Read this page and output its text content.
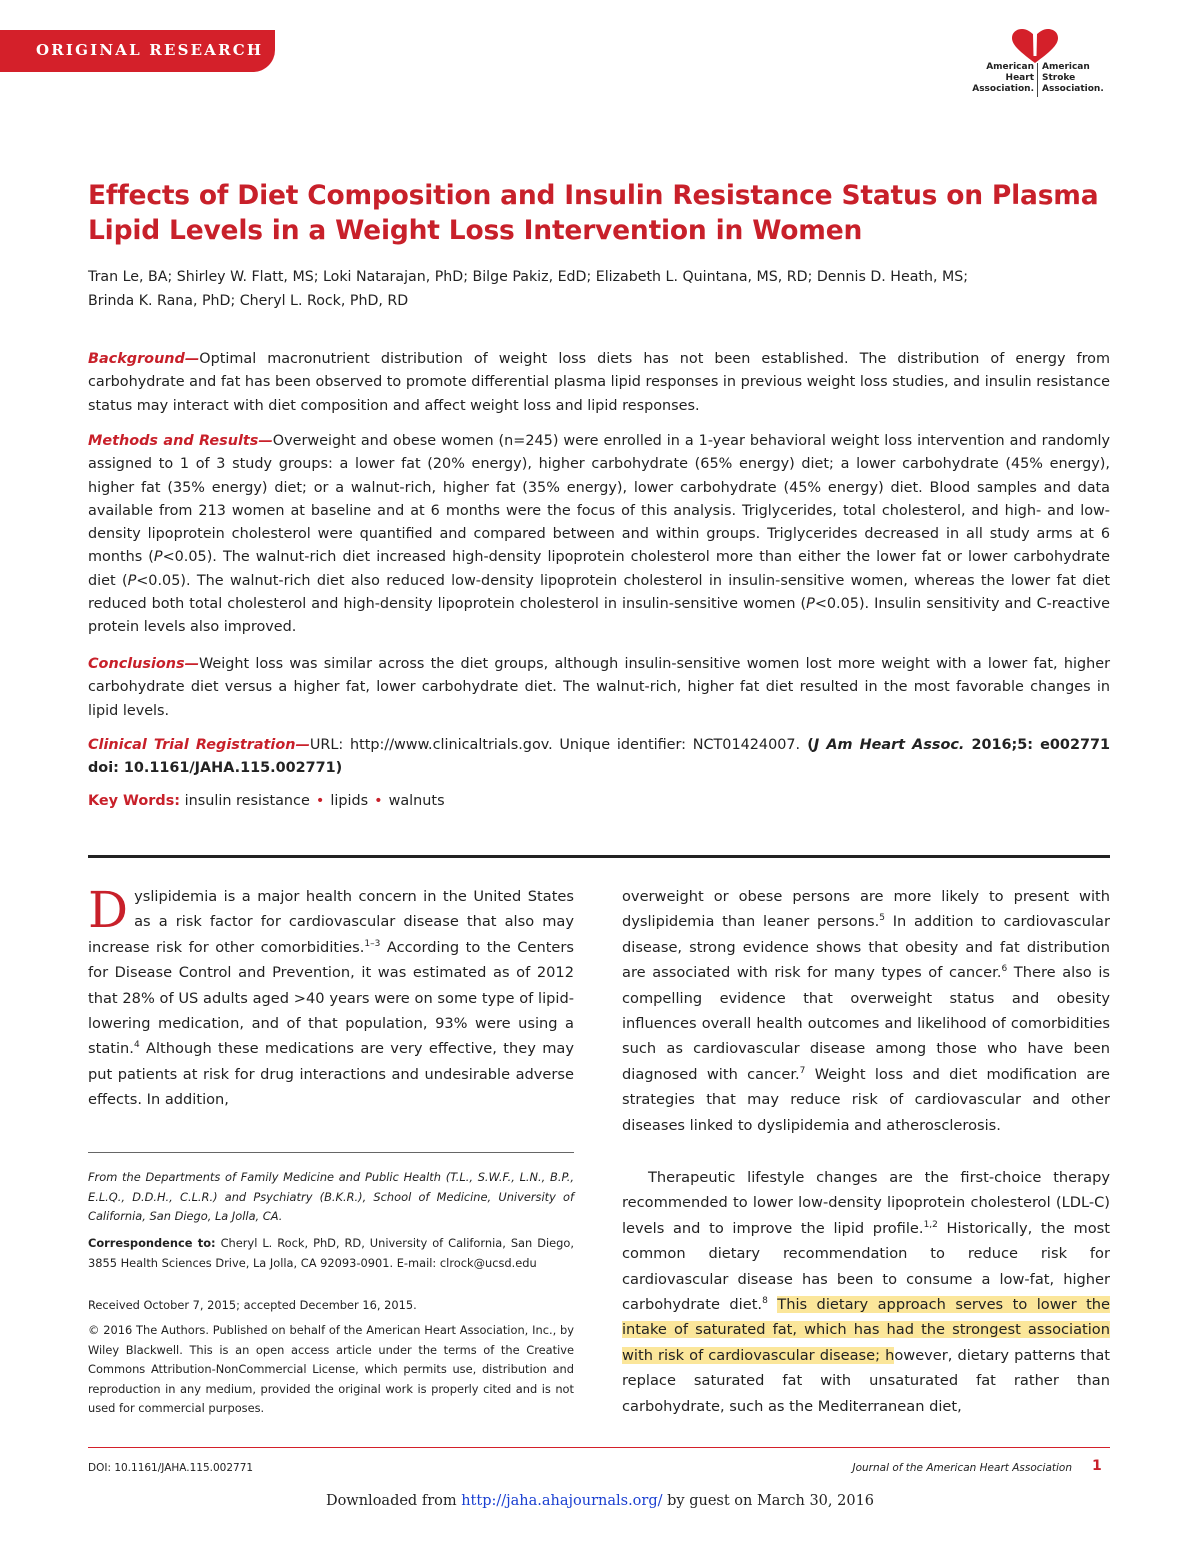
ORIGINAL RESEARCH
American
Heart
Association.
American
Stroke
Association.
Effects of Diet Composition and Insulin Resistance Status on Plasma Lipid Levels in a Weight Loss Intervention in Women
Tran Le, BA; Shirley W. Flatt, MS; Loki Natarajan, PhD; Bilge Pakiz, EdD; Elizabeth L. Quintana, MS, RD; Dennis D. Heath, MS;
Brinda K. Rana, PhD; Cheryl L. Rock, PhD, RD

Background—Optimal macronutrient distribution of weight loss diets has not been established. The distribution of energy from carbohydrate and fat has been observed to promote differential plasma lipid responses in previous weight loss studies, and insulin resistance status may interact with diet composition and affect weight loss and lipid responses.

Methods and Results—Overweight and obese women (n=245) were enrolled in a 1-year behavioral weight loss intervention and randomly assigned to 1 of 3 study groups: a lower fat (20% energy), higher carbohydrate (65% energy) diet; a lower carbohydrate (45% energy), higher fat (35% energy) diet; or a walnut-rich, higher fat (35% energy), lower carbohydrate (45% energy) diet. Blood samples and data available from 213 women at baseline and at 6 months were the focus of this analysis. Triglycerides, total cholesterol, and high- and low-density lipoprotein cholesterol were quantified and compared between and within groups. Triglycerides decreased in all study arms at 6 months (P<0.05). The walnut-rich diet increased high-density lipoprotein cholesterol more than either the lower fat or lower carbohydrate diet (P<0.05). The walnut-rich diet also reduced low-density lipoprotein cholesterol in insulin-sensitive women, whereas the lower fat diet reduced both total cholesterol and high-density lipoprotein cholesterol in insulin-sensitive women (P<0.05). Insulin sensitivity and C-reactive protein levels also improved.

Conclusions—Weight loss was similar across the diet groups, although insulin-sensitive women lost more weight with a lower fat, higher carbohydrate diet versus a higher fat, lower carbohydrate diet. The walnut-rich, higher fat diet resulted in the most favorable changes in lipid levels.

Clinical Trial Registration—URL: http://www.clinicaltrials.gov. Unique identifier: NCT01424007. (J Am Heart Assoc. 2016;5: e002771 doi: 10.1161/JAHA.115.002771)

Key Words: insulin resistance • lipids • walnuts

Dyslipidemia is a major health concern in the United States as a risk factor for cardiovascular disease that also may increase risk for other comorbidities.$^{1-3}$ According to the Centers for Disease Control and Prevention, it was estimated as of 2012 that 28% of US adults aged >40 years were on some type of lipid-lowering medication, and of that population, 93% were using a statin.$^4$ Although these medications are very effective, they may put patients at risk for drug interactions and undesirable adverse effects. In addition,

From the Departments of Family Medicine and Public Health (T.L., S.W.F., L.N., B.P., E.L.Q., D.D.H., C.L.R.) and Psychiatry (B.K.R.), School of Medicine, University of California, San Diego, La Jolla, CA.

Correspondence to: Cheryl L. Rock, PhD, RD, University of California, San Diego, 3855 Health Sciences Drive, La Jolla, CA 92093-0901. E-mail: clrock@ucsd.edu

Received October 7, 2015; accepted December 16, 2015.

© 2016 The Authors. Published on behalf of the American Heart Association, Inc., by Wiley Blackwell. This is an open access article under the terms of the Creative Commons Attribution-NonCommercial License, which permits use, distribution and reproduction in any medium, provided the original work is properly cited and is not used for commercial purposes.

overweight or obese persons are more likely to present with dyslipidemia than leaner persons.$^5$ In addition to cardiovascular disease, strong evidence shows that obesity and fat distribution are associated with risk for many types of cancer.$^6$ There also is compelling evidence that overweight status and obesity influences overall health outcomes and likelihood of comorbidities such as cardiovascular disease among those who have been diagnosed with cancer.$^7$ Weight loss and diet modification are strategies that may reduce risk of cardiovascular and other diseases linked to dyslipidemia and atherosclerosis.

Therapeutic lifestyle changes are the first-choice therapy recommended to lower low-density lipoprotein cholesterol (LDL-C) levels and to improve the lipid profile.$^{1,2}$ Historically, the most common dietary recommendation to reduce risk for cardiovascular disease has been to consume a low-fat, higher carbohydrate diet.$^8$ This dietary approach serves to lower the intake of saturated fat, which has had the strongest association with risk of cardiovascular disease; however, dietary patterns that replace saturated fat with unsaturated fat rather than carbohydrate, such as the Mediterranean diet,

DOI: 10.1161/JAHA.115.002771	Journal of the American Heart Association 1
Downloaded from http://jaha.ahajournals.org/ by guest on March 30, 2016
